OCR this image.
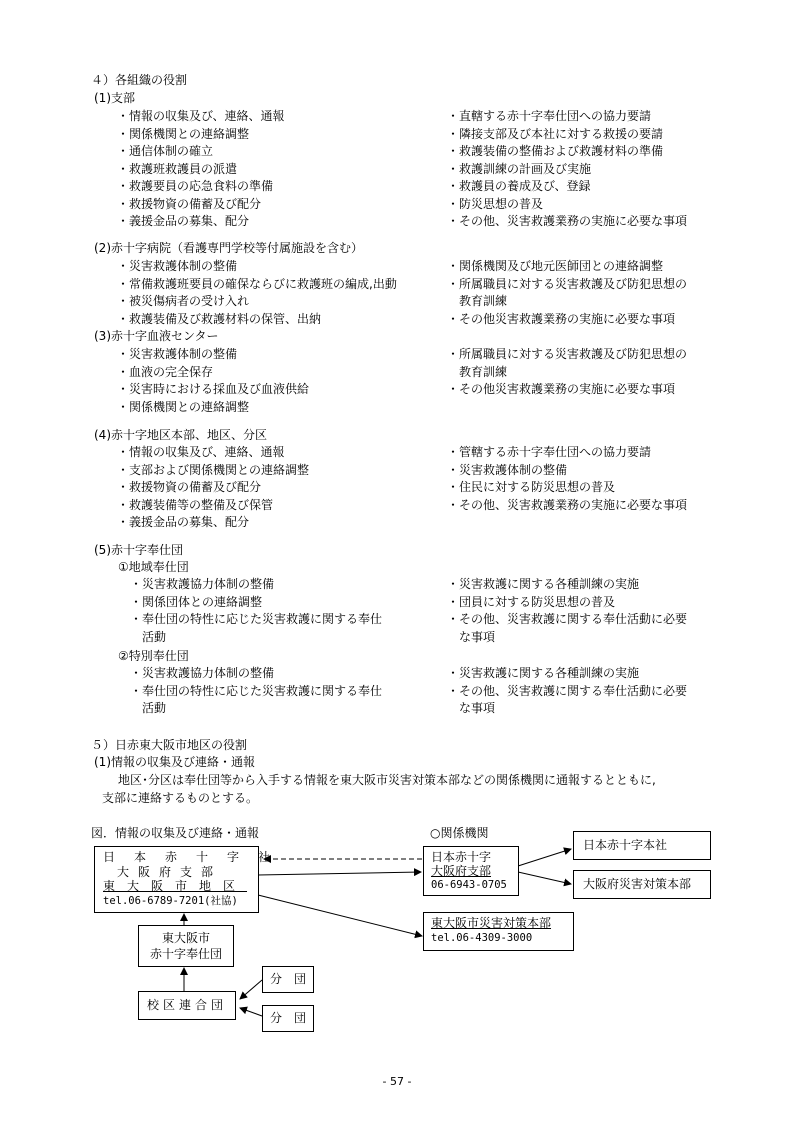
４）各組織の役割
(1)支部
・情報の収集及び、連絡、通報
・関係機関との連絡調整
・通信体制の確立
・救護班救護員の派遣
・救護要員の応急食料の準備
・救援物資の備蓄及び配分
・義援金品の募集、配分
・直轄する赤十字奉仕団への協力要請
・隣接支部及び本社に対する救援の要請
・救護装備の整備および救護材料の準備
・救護訓練の計画及び実施
・救護員の養成及び、登録
・防災思想の普及
・その他、災害救護業務の実施に必要な事項
(2)赤十字病院（看護専門学校等付属施設を含む）
・災害救護体制の整備
・常備救護班要員の確保ならびに救護班の編成,出動
・被災傷病者の受け入れ
・救護装備及び救護材料の保管、出納
・関係機関及び地元医師団との連絡調整
・所属職員に対する災害救護及び防犯思想の
　教育訓練
・その他災害救護業務の実施に必要な事項
(3)赤十字血液センター
・災害救護体制の整備
・血液の完全保存
・災害時における採血及び血液供給
・関係機関との連絡調整
・所属職員に対する災害救護及び防犯思想の
　教育訓練
・その他災害救護業務の実施に必要な事項
(4)赤十字地区本部、地区、分区
・情報の収集及び、連絡、通報
・支部および関係機関との連絡調整
・救援物資の備蓄及び配分
・救護装備等の整備及び保管
・義援金品の募集、配分
・管轄する赤十字奉仕団への協力要請
・災害救護体制の整備
・住民に対する防災思想の普及
・その他、災害救護業務の実施に必要な事項
(5)赤十字奉仕団
①地域奉仕団
・災害救護協力体制の整備
・関係団体との連絡調整
・奉仕団の特性に応じた災害救護に関する奉仕
　活動
・災害救護に関する各種訓練の実施
・団員に対する防災思想の普及
・その他、災害救護に関する奉仕活動に必要
　な事項
②特別奉仕団
・災害救護協力体制の整備
・奉仕団の特性に応じた災害救護に関する奉仕
　活動
・災害救護に関する各種訓練の実施
・その他、災害救護に関する奉仕活動に必要
　な事項
５）日赤東大阪市地区の役割
(1)情報の収集及び連絡・通報
地区･分区は奉仕団等から入手する情報を東大阪市災害対策本部などの関係機関に通報するとともに,
支部に連絡するものとする。
図．情報の収集及び連絡・通報	○関係機関
日本赤十字社
大阪府支部
東大阪市地区
tel.06-6789-7201(社協)
東大阪市
赤十字奉仕団
校区連合団
分　団
分　団
日本赤十字
大阪府支部
06-6943-0705
日本赤十字本社
大阪府災害対策本部
東大阪市災害対策本部
tel.06-4309-3000
- 57 -
